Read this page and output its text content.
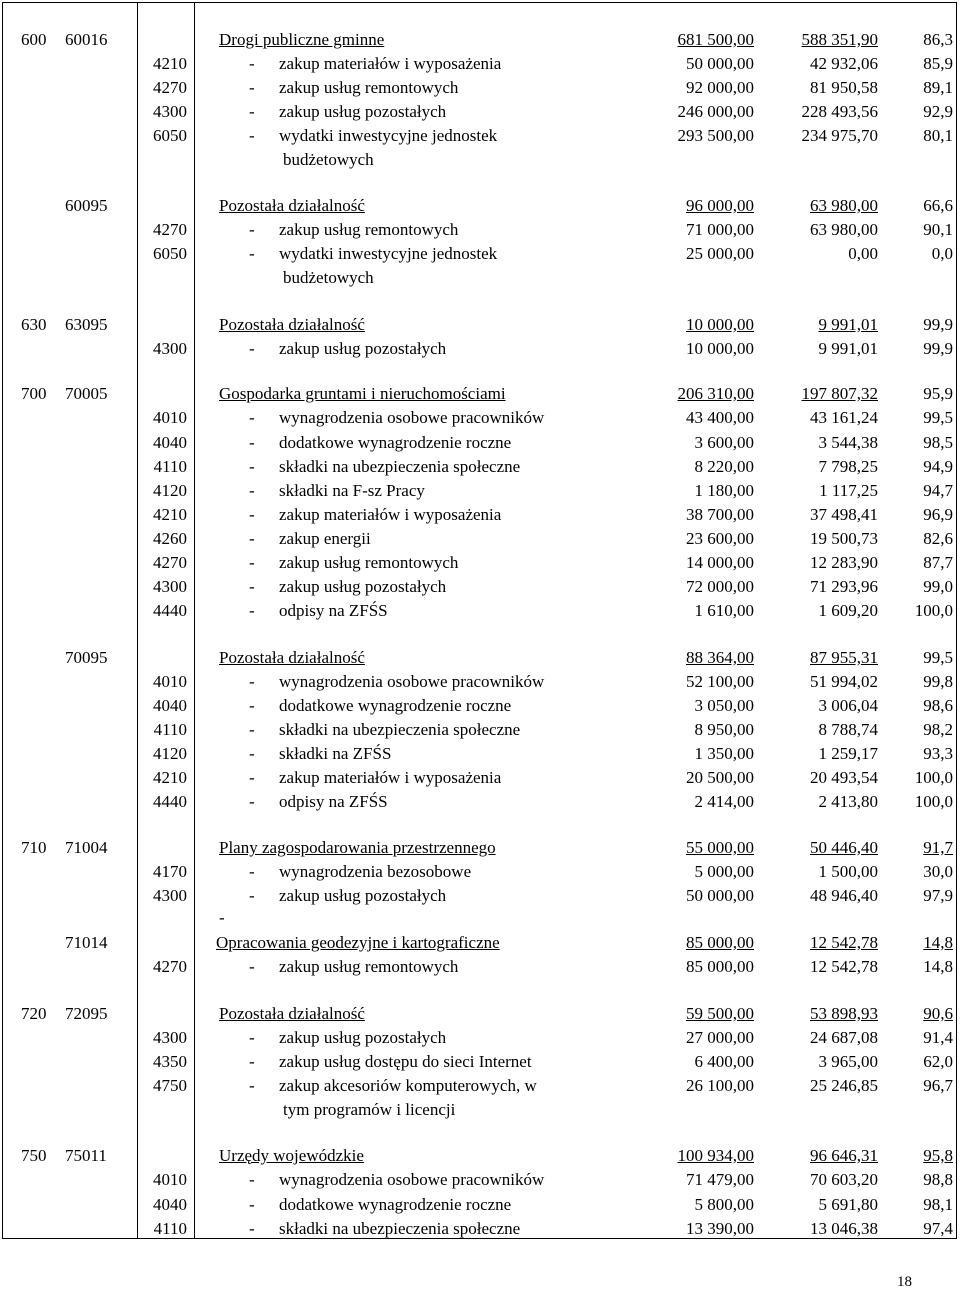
600	60016	Drogi publiczne gminne	681 500,00	588 351,90	86,3
4210	- zakup materiałów i wyposażenia	50 000,00	42 932,06	85,9
4270	- zakup usług remontowych	92 000,00	81 950,58	89,1
4300	- zakup usług pozostałych	246 000,00	228 493,56	92,9
6050	- wydatki inwestycyjne jednostek	293 500,00	234 975,70	80,1
budżetowych
60095	Pozostała działalność	96 000,00	63 980,00	66,6
4270	- zakup usług remontowych	71 000,00	63 980,00	90,1
6050	- wydatki inwestycyjne jednostek	25 000,00	0,00	0,0
budżetowych
630	63095	Pozostała działalność	10 000,00	9 991,01	99,9
4300	- zakup usług pozostałych	10 000,00	9 991,01	99,9
700	70005	Gospodarka gruntami i nieruchomościami	206 310,00	197 807,32	95,9
4010	- wynagrodzenia osobowe pracowników	43 400,00	43 161,24	99,5
4040	- dodatkowe wynagrodzenie roczne	3 600,00	3 544,38	98,5
4110	- składki na ubezpieczenia społeczne	8 220,00	7 798,25	94,9
4120	- składki na F-sz Pracy	1 180,00	1 117,25	94,7
4210	- zakup materiałów i wyposażenia	38 700,00	37 498,41	96,9
4260	- zakup energii	23 600,00	19 500,73	82,6
4270	- zakup usług remontowych	14 000,00	12 283,90	87,7
4300	- zakup usług pozostałych	72 000,00	71 293,96	99,0
4440	- odpisy na ZFŚS	1 610,00	1 609,20	100,0
70095	Pozostała działalność	88 364,00	87 955,31	99,5
4010	- wynagrodzenia osobowe pracowników	52 100,00	51 994,02	99,8
4040	- dodatkowe wynagrodzenie roczne	3 050,00	3 006,04	98,6
4110	- składki na ubezpieczenia społeczne	8 950,00	8 788,74	98,2
4120	- składki na ZFŚS	1 350,00	1 259,17	93,3
4210	- zakup materiałów i wyposażenia	20 500,00	20 493,54	100,0
4440	- odpisy na ZFŚS	2 414,00	2 413,80	100,0
710	71004	Plany zagospodarowania przestrzennego	55 000,00	50 446,40	91,7
4170	- wynagrodzenia bezosobowe	5 000,00	1 500,00	30,0
4300	- zakup usług pozostałych	50 000,00	48 946,40	97,9
-
71014	Opracowania geodezyjne i kartograficzne	85 000,00	12 542,78	14,8
4270	- zakup usług remontowych	85 000,00	12 542,78	14,8
720	72095	Pozostała działalność	59 500,00	53 898,93	90,6
4300	- zakup usług pozostałych	27 000,00	24 687,08	91,4
4350	- zakup usług dostępu do sieci Internet	6 400,00	3 965,00	62,0
4750	- zakup akcesoriów komputerowych, w	26 100,00	25 246,85	96,7
tym programów i licencji
750	75011	Urzędy wojewódzkie	100 934,00	96 646,31	95,8
4010	- wynagrodzenia osobowe pracowników	71 479,00	70 603,20	98,8
4040	- dodatkowe wynagrodzenie roczne	5 800,00	5 691,80	98,1
4110	- składki na ubezpieczenia społeczne	13 390,00	13 046,38	97,4
18
